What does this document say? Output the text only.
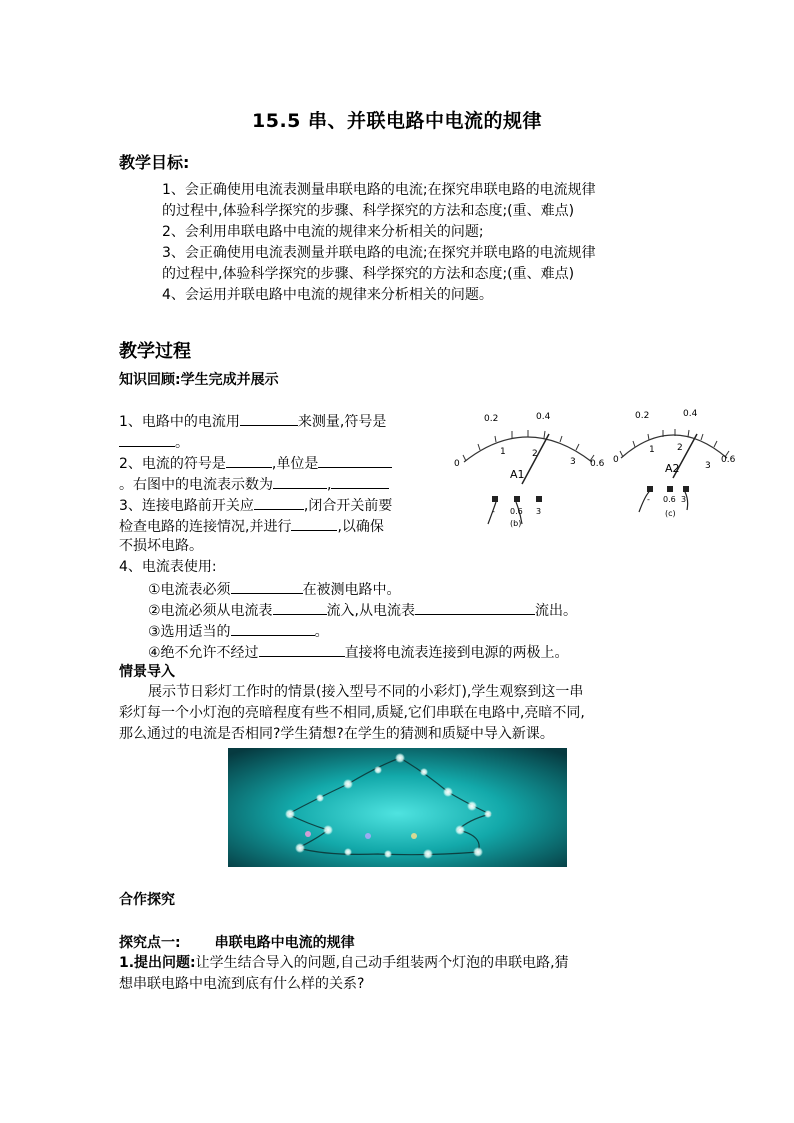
15.5 串、并联电路中电流的规律
教学目标:
1、会正确使用电流表测量串联电路的电流;在探究串联电路的电流规律
的过程中,体验科学探究的步骤、科学探究的方法和态度;(重、难点)
2、会利用串联电路中电流的规律来分析相关的问题;
3、会正确使用电流表测量并联电路的电流;在探究并联电路的电流规律
的过程中,体验科学探究的步骤、科学探究的方法和态度;(重、难点)
4、会运用并联电路中电流的规律来分析相关的问题。
教学过程
知识回顾:学生完成并展示
1、电路中的电流用	来测量,符号是
。
2、电流的符号是	,单位是
。右图中的电流表示数为	,
3、连接电路前开关应	,闭合开关前要
检查电路的连接情况,并进行	,以确保
不损坏电路。
4、电流表使用:
①电流表必须	在被测电路中。
②电流必须从电流表	流入,从电流表	流出。
③选用适当的	。
④绝不允许不经过	直接将电流表连接到电源的两极上。
0
0.2	0.4
0.6
1	2
3
A1
- 0.6 3
(b)
0
0.2	0.4
0.6
1 2
3
A2
- 0.6 3
(c)
情景导入
展示节日彩灯工作时的情景(接入型号不同的小彩灯),学生观察到这一串
彩灯每一个小灯泡的亮暗程度有些不相同,质疑,它们串联在电路中,亮暗不同,
那么通过的电流是否相同?学生猜想?在学生的猜测和质疑中导入新课。
合作探究
探究点一: 串联电路中电流的规律
1.提出问题:让学生结合导入的问题,自己动手组装两个灯泡的串联电路,猜
想串联电路中电流到底有什么样的关系?
